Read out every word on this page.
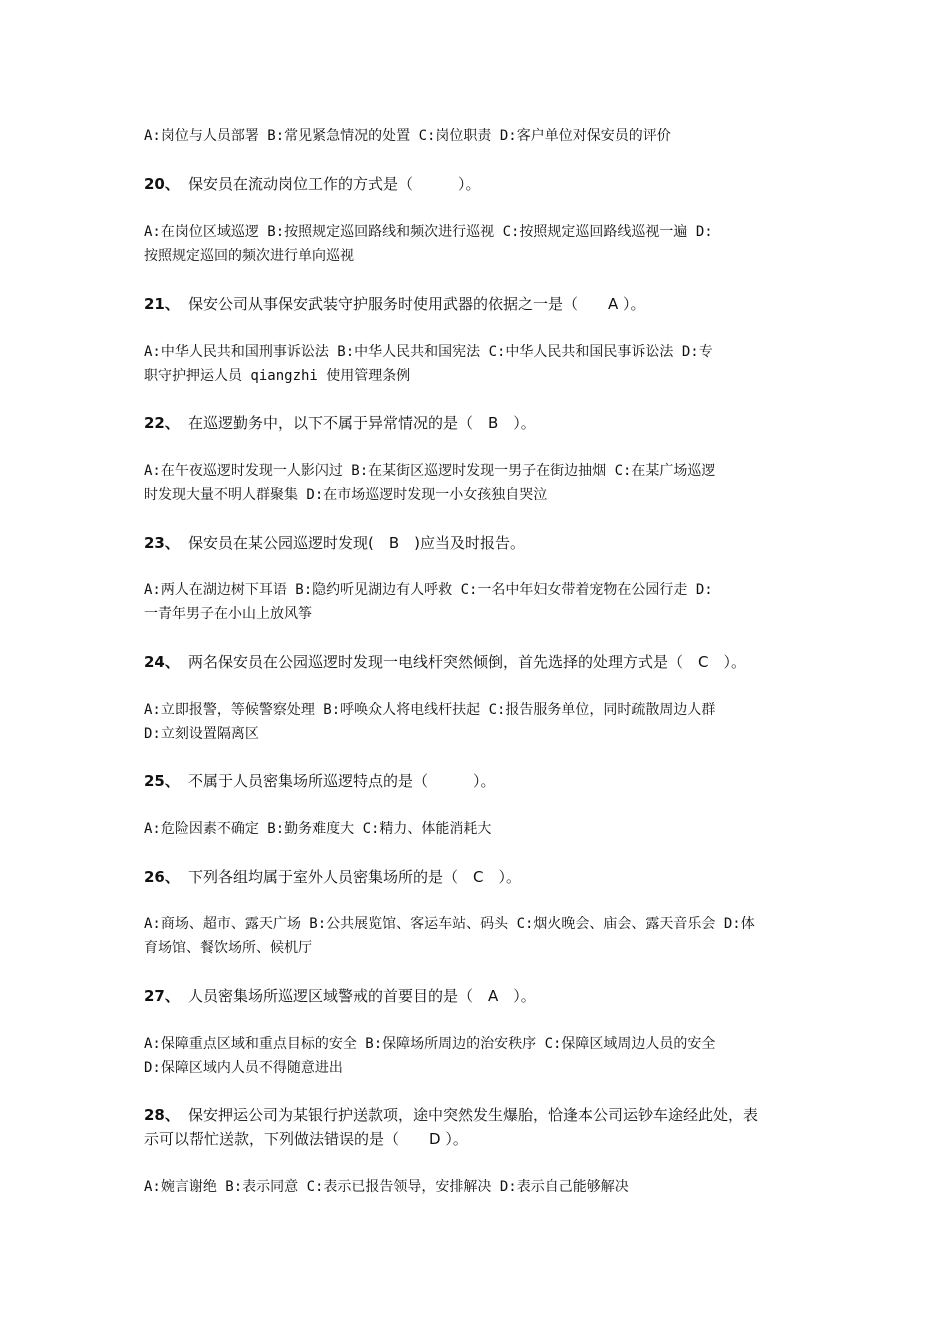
A:岗位与人员部署 B:常见紧急情况的处置 C:岗位职责 D:客户单位对保安员的评价
20、 保安员在流动岗位工作的方式是（　　　）。
A:在岗位区域巡逻 B:按照规定巡回路线和频次进行巡视 C:按照规定巡回路线巡视一遍 D:
按照规定巡回的频次进行单向巡视
21、 保安公司从事保安武装守护服务时使用武器的依据之一是（　　A ）。
A:中华人民共和国刑事诉讼法 B:中华人民共和国宪法 C:中华人民共和国民事诉讼法 D:专
职守护押运人员 qiangzhi 使用管理条例
22、 在巡逻勤务中，以下不属于异常情况的是（　B　）。
A:在午夜巡逻时发现一人影闪过 B:在某街区巡逻时发现一男子在街边抽烟 C:在某广场巡逻
时发现大量不明人群聚集 D:在市场巡逻时发现一小女孩独自哭泣
23、 保安员在某公园巡逻时发现(　B　)应当及时报告。
A:两人在湖边树下耳语 B:隐约听见湖边有人呼救 C:一名中年妇女带着宠物在公园行走 D:
一青年男子在小山上放风筝
24、 两名保安员在公园巡逻时发现一电线杆突然倾倒，首先选择的处理方式是（　C　）。
A:立即报警，等候警察处理 B:呼唤众人将电线杆扶起 C:报告服务单位，同时疏散周边人群
D:立刻设置隔离区
25、 不属于人员密集场所巡逻特点的是（　　　）。
A:危险因素不确定 B:勤务难度大 C:精力、体能消耗大
26、 下列各组均属于室外人员密集场所的是（　C　）。
A:商场、超市、露天广场 B:公共展览馆、客运车站、码头 C:烟火晚会、庙会、露天音乐会 D:体
育场馆、餐饮场所、候机厅
27、 人员密集场所巡逻区域警戒的首要目的是（　A　）。
A:保障重点区域和重点目标的安全 B:保障场所周边的治安秩序 C:保障区域周边人员的安全
D:保障区域内人员不得随意进出
28、 保安押运公司为某银行护送款项，途中突然发生爆胎，恰逢本公司运钞车途经此处，表
示可以帮忙送款，下列做法错误的是（　　D ）。
A:婉言谢绝 B:表示同意 C:表示已报告领导，安排解决 D:表示自己能够解决
